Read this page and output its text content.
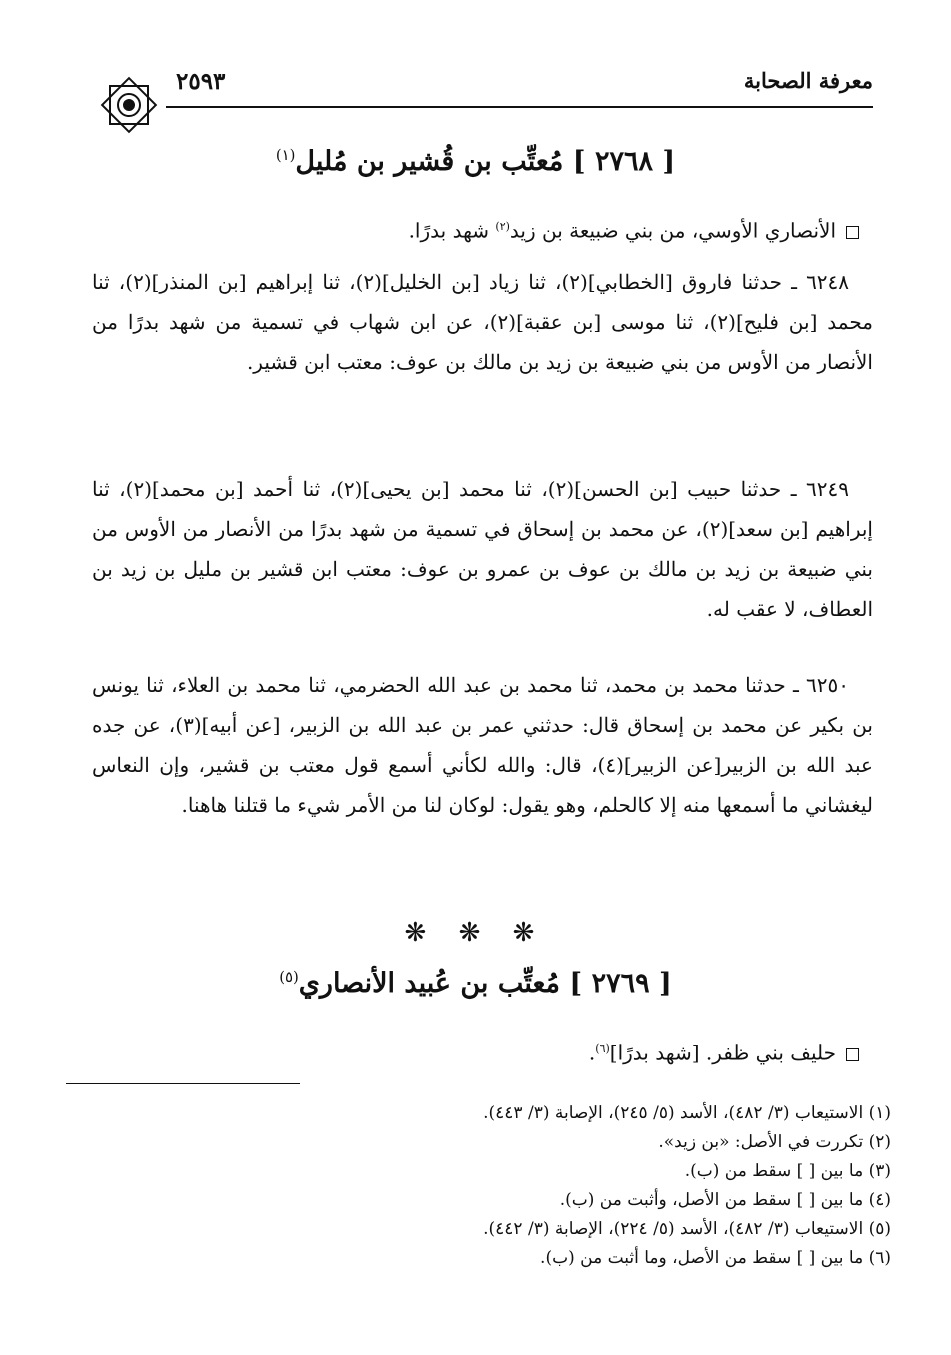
معرفة الصحابة
٢٥٩٣
[ ٢٧٦٨ ] مُعتِّب بن قُشير بن مُليل$^{(١)}$
الأنصاري الأوسي، من بني ضبيعة بن زيد$^{(٢)}$ شهد بدرًا.
٦٢٤٨ ـ حدثنا فاروق [الخطابي](٢)، ثنا زياد [بن الخليل](٢)، ثنا إبراهيم [بن المنذر](٢)، ثنا محمد [بن فليح](٢)، ثنا موسى [بن عقبة](٢)، عن ابن شهاب في تسمية من شهد بدرًا من الأنصار من الأوس من بني ضبيعة بن زيد بن مالك بن عوف: معتب ابن قشير.
٦٢٤٩ ـ حدثنا حبيب [بن الحسن](٢)، ثنا محمد [بن يحيى](٢)، ثنا أحمد [بن محمد](٢)، ثنا إبراهيم [بن سعد](٢)، عن محمد بن إسحاق في تسمية من شهد بدرًا من الأنصار من الأوس من بني ضبيعة بن زيد بن مالك بن عوف بن عمرو بن عوف: معتب ابن قشير بن مليل بن زيد بن العطاف، لا عقب له.
٦٢٥٠ ـ حدثنا محمد بن محمد، ثنا محمد بن عبد الله الحضرمي، ثنا محمد بن العلاء، ثنا يونس بن بكير عن محمد بن إسحاق قال: حدثني عمر بن عبد الله بن الزبير، [عن أبيه](٣)، عن جده عبد الله بن الزبير[عن الزبير](٤)، قال: والله لكأني أسمع قول معتب بن قشير، وإن النعاس ليغشاني ما أسمعها منه إلا كالحلم، وهو يقول: لوكان لنا من الأمر شيء ما قتلنا هاهنا.
❋ ❋ ❋
[ ٢٧٦٩ ] مُعتِّب بن عُبيد الأنصاري$^{(٥)}$
حليف بني ظفر. [شهد بدرًا]$^{(٦)}$.
(١) الاستيعاب (٣/ ٤٨٢)، الأسد (٥/ ٢٤٥)، الإصابة (٣/ ٤٤٣).
(٢) تكررت في الأصل: «بن زيد».
(٣) ما بين [ ] سقط من (ب).
(٤) ما بين [ ] سقط من الأصل، وأثبت من (ب).
(٥) الاستيعاب (٣/ ٤٨٢)، الأسد (٥/ ٢٢٤)، الإصابة (٣/ ٤٤٢).
(٦) ما بين [ ] سقط من الأصل، وما أثبت من (ب).
